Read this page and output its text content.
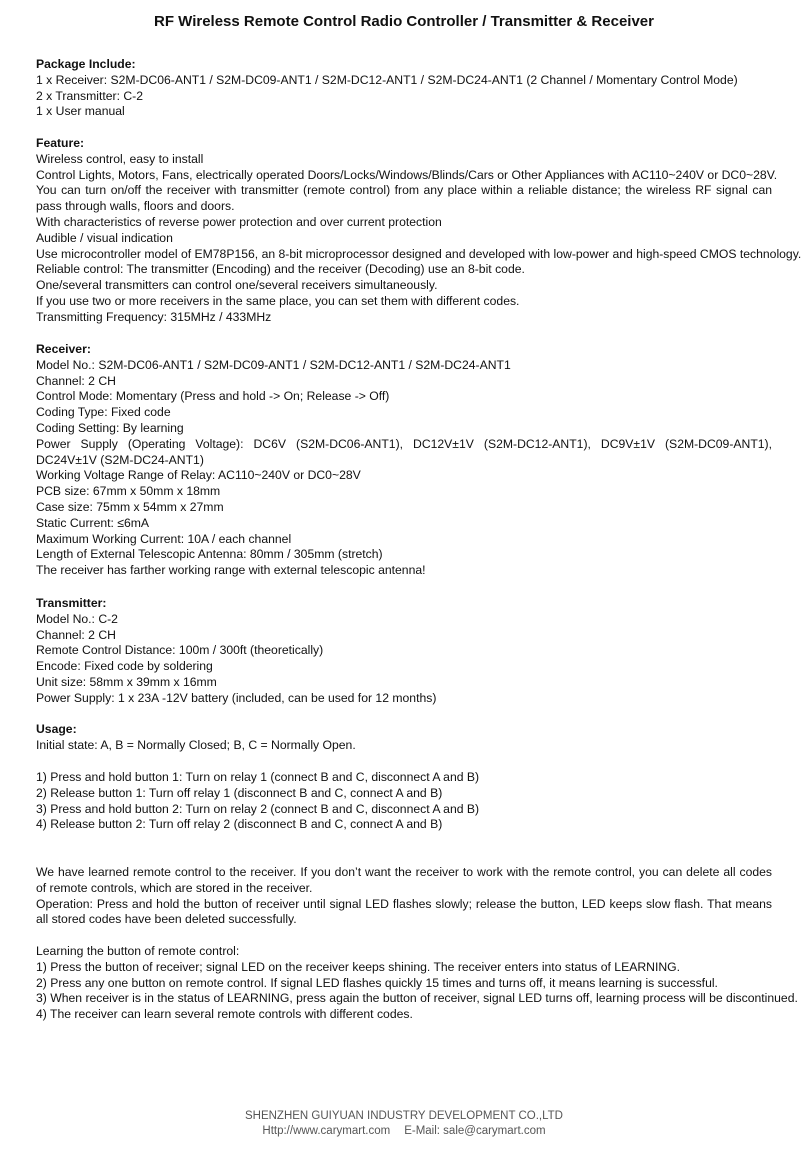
RF Wireless Remote Control Radio Controller / Transmitter & Receiver
Package Include:
1 x Receiver: S2M-DC06-ANT1 / S2M-DC09-ANT1 / S2M-DC12-ANT1 / S2M-DC24-ANT1 (2 Channel / Momentary Control Mode)
2 x Transmitter: C-2
1 x User manual
Feature:
Wireless control, easy to install
Control Lights, Motors, Fans, electrically operated Doors/Locks/Windows/Blinds/Cars or Other Appliances with AC110~240V or DC0~28V.
You can turn on/off the receiver with transmitter (remote control) from any place within a reliable distance; the wireless RF signal can pass through walls, floors and doors.
With characteristics of reverse power protection and over current protection
Audible / visual indication
Use microcontroller model of EM78P156, an 8-bit microprocessor designed and developed with low-power and high-speed CMOS technology.
Reliable control: The transmitter (Encoding) and the receiver (Decoding) use an 8-bit code.
One/several transmitters can control one/several receivers simultaneously.
If you use two or more receivers in the same place, you can set them with different codes.
Transmitting Frequency: 315MHz / 433MHz
Receiver:
Model No.: S2M-DC06-ANT1 / S2M-DC09-ANT1 / S2M-DC12-ANT1 / S2M-DC24-ANT1
Channel: 2 CH
Control Mode: Momentary (Press and hold -> On; Release -> Off)
Coding Type: Fixed code
Coding Setting: By learning
Power Supply (Operating Voltage): DC6V (S2M-DC06-ANT1), DC12V±1V (S2M-DC12-ANT1), DC9V±1V (S2M-DC09-ANT1), DC24V±1V (S2M-DC24-ANT1)
Working Voltage Range of Relay: AC110~240V or DC0~28V
PCB size: 67mm x 50mm x 18mm
Case size: 75mm x 54mm x 27mm
Static Current: ≤6mA
Maximum Working Current: 10A / each channel
Length of External Telescopic Antenna: 80mm / 305mm (stretch)
The receiver has farther working range with external telescopic antenna!
Transmitter:
Model No.: C-2
Channel: 2 CH
Remote Control Distance: 100m / 300ft (theoretically)
Encode: Fixed code by soldering
Unit size: 58mm x 39mm x 16mm
Power Supply: 1 x 23A -12V battery (included, can be used for 12 months)
Usage:
Initial state: A, B = Normally Closed; B, C = Normally Open.
1) Press and hold button 1: Turn on relay 1 (connect B and C, disconnect A and B)
2) Release button 1: Turn off relay 1 (disconnect B and C, connect A and B)
3) Press and hold button 2: Turn on relay 2 (connect B and C, disconnect A and B)
4) Release button 2: Turn off relay 2 (disconnect B and C, connect A and B)
We have learned remote control to the receiver. If you don’t want the receiver to work with the remote control, you can delete all codes of remote controls, which are stored in the receiver.
Operation: Press and hold the button of receiver until signal LED flashes slowly; release the button, LED keeps slow flash. That means all stored codes have been deleted successfully.
Learning the button of remote control:
1) Press the button of receiver; signal LED on the receiver keeps shining. The receiver enters into status of LEARNING.
2) Press any one button on remote control. If signal LED flashes quickly 15 times and turns off, it means learning is successful.
3) When receiver is in the status of LEARNING, press again the button of receiver, signal LED turns off, learning process will be discontinued.
4) The receiver can learn several remote controls with different codes.
SHENZHEN GUIYUAN INDUSTRY DEVELOPMENT CO.,LTD
Http://www.carymart.com E-Mail: sale@carymart.com
